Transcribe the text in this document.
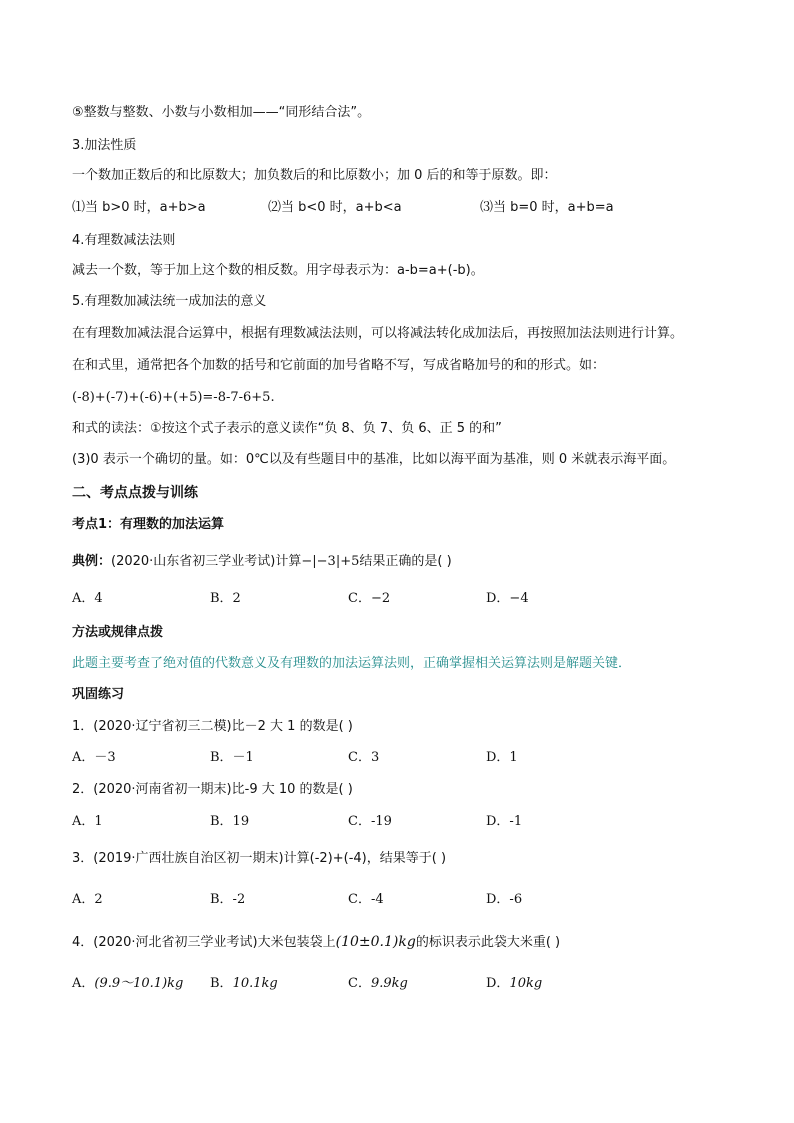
⑤整数与整数、小数与小数相加——“同形结合法”。
3.加法性质
一个数加正数后的和比原数大；加负数后的和比原数小；加 0 后的和等于原数。即：
⑴当 b>0 时，a+b>a	⑵当 b<0 时，a+b<a	⑶当 b=0 时，a+b=a
4.有理数减法法则
减去一个数，等于加上这个数的相反数。用字母表示为：a-b=a+(-b)。
5.有理数加减法统一成加法的意义
在有理数加减法混合运算中，根据有理数减法法则，可以将减法转化成加法后，再按照加法法则进行计算。
在和式里，通常把各个加数的括号和它前面的加号省略不写，写成省略加号的和的形式。如：
(-8)+(-7)+(-6)+(+5)=-8-7-6+5.
和式的读法：①按这个式子表示的意义读作“负 8、负 7、负 6、正 5 的和”
(3)0 表示一个确切的量。如：0℃以及有些题目中的基准，比如以海平面为基准，则 0 米就表示海平面。
二、考点点拨与训练
考点1：有理数的加法运算
典例：(2020·山东省初三学业考试)计算−|−3|+5结果正确的是( )
A．4	B．2	C．−2	D．−4
方法或规律点拨
此题主要考查了绝对值的代数意义及有理数的加法运算法则，正确掌握相关运算法则是解题关键．
巩固练习
1．(2020·辽宁省初三二模)比－2 大 1 的数是( )
A．－3	B．－1	C．3	D．1
2．(2020·河南省初一期末)比-9 大 10 的数是( )
A．1	B．19	C．-19	D．-1
3．(2019·广西壮族自治区初一期末)计算(-2)+(-4)，结果等于( )
A．2	B．-2	C．-4	D．-6
4．(2020·河北省初三学业考试)大米包装袋上(10±0.1)kg的标识表示此袋大米重( )
A．(9.9～10.1)kg B．10.1kg	C．9.9kg	D．10kg
